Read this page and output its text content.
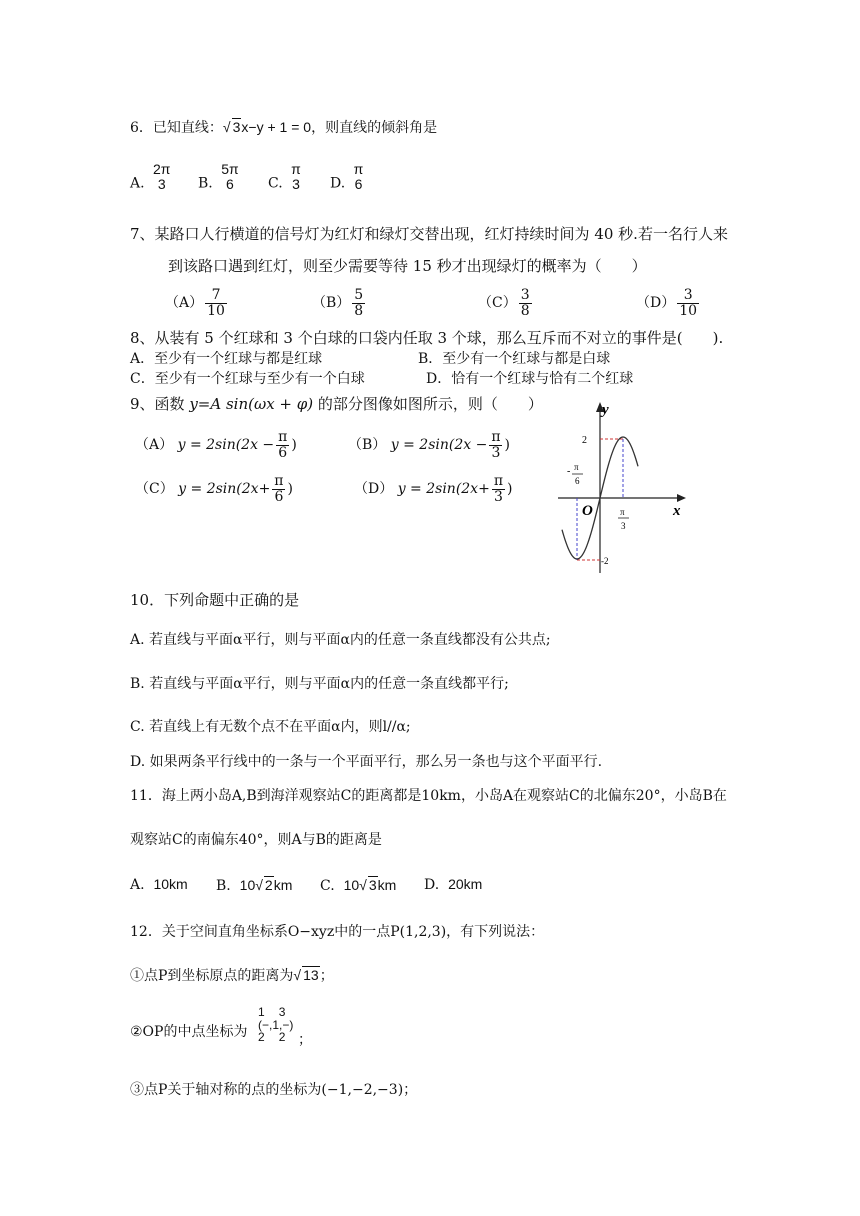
6．已知直线：√ 3x−y + 1 = 0，则直线的倾斜角是
A.
2π
3 B.
5π
6 C.
π
3 D.
π
6
7、某路口人行横道的信号灯为红灯和绿灯交替出现，红灯持续时间为 40 秒.若一名行人来
到该路口遇到红灯，则至少需要等待 15 秒才出现绿灯的概率为（　　）
$(A) \frac{7}{10}$	$(B) \frac{5}{8}$	$(C) \frac{3}{8}$	$(D) \frac{3}{10}$
8、从装有 5 个红球和 3 个白球的口袋内任取 3 个球，那么互斥而不对立的事件是(　　).
A．至少有一个红球与都是红球	B．至少有一个红球与都是白球
C．至少有一个红球与至少有一个白球	D．恰有一个红球与恰有二个红球
9、函数 y=A sin(ωx + φ) 的部分图像如图所示，则（　　）
（A） $y = 2\sin(2x - \frac{\pi}{6}$ )	（B） $y = 2\sin(2x - \frac{\pi}{3}$ )
（C） $y = 2\sin(2x+ \frac{\pi}{6}$ )	（D） $y = 2\sin(2x+ \frac{\pi}{3}$ )
y
x
O
2
-2
- π
6
π
3
10．下列命题中正确的是
A. 若直线与平面α平行，则与平面α内的任意一条直线都没有公共点;
B. 若直线与平面α平行，则与平面α内的任意一条直线都平行;
C. 若直线上有无数个点不在平面α内，则l//α;
D. 如果两条平行线中的一条与一个平面平行，那么另一条也与这个平面平行.
11．海上两小岛A,B到海洋观察站C的距离都是10km，小岛A在观察站C的北偏东20°，小岛B在
观察站C的南偏东40°，则A与B的距离是
A. 10km B. 10√ 2km C. 10√ 3km D. 20km
12．关于空间直角坐标系O−xyz中的一点P(1,2,3)，有下列说法：
①点P到坐标原点的距离为√ 13；
②OP的中点坐标为
1 3
(−,1,−)
2 2 ；
③点P关于轴对称的点的坐标为(−1,−2,−3)；
